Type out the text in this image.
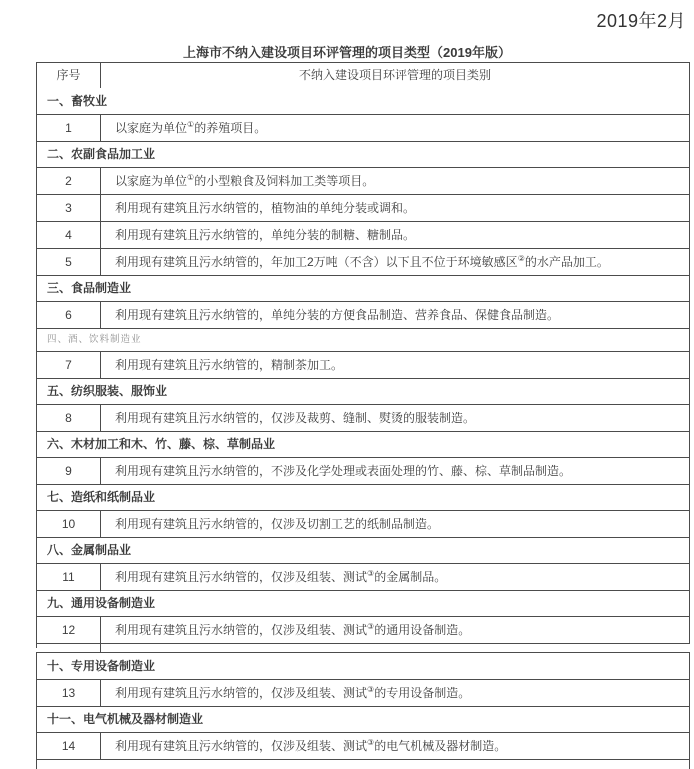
2019年2月
上海市不纳入建设项目环评管理的项目类型（2019年版）
序号	不纳入建设项目环评管理的项目类别
一、畜牧业
1	以家庭为单位①的养殖项目。
二、农副食品加工业
2	以家庭为单位①的小型粮食及饲料加工类等项目。
3	利用现有建筑且污水纳管的，植物油的单纯分装或调和。
4	利用现有建筑且污水纳管的，单纯分装的制糖、糖制品。
5	利用现有建筑且污水纳管的，年加工2万吨（不含）以下且不位于环境敏感区②的水产品加工。
三、食品制造业
6	利用现有建筑且污水纳管的，单纯分装的方便食品制造、营养食品、保健食品制造。
四、酒、饮料制造业
7	利用现有建筑且污水纳管的，精制茶加工。
五、纺织服装、服饰业
8	利用现有建筑且污水纳管的，仅涉及裁剪、缝制、熨烫的服装制造。
六、木材加工和木、竹、藤、棕、草制品业
9	利用现有建筑且污水纳管的，不涉及化学处理或表面处理的竹、藤、棕、草制品制造。
七、造纸和纸制品业
10	利用现有建筑且污水纳管的，仅涉及切割工艺的纸制品制造。
八、金属制品业
11	利用现有建筑且污水纳管的，仅涉及组装、测试③的金属制品。
九、通用设备制造业
12	利用现有建筑且污水纳管的，仅涉及组装、测试③的通用设备制造。
十、专用设备制造业
13	利用现有建筑且污水纳管的，仅涉及组装、测试③的专用设备制造。
十一、电气机械及器材制造业
14	利用现有建筑且污水纳管的，仅涉及组装、测试③的电气机械及器材制造。
